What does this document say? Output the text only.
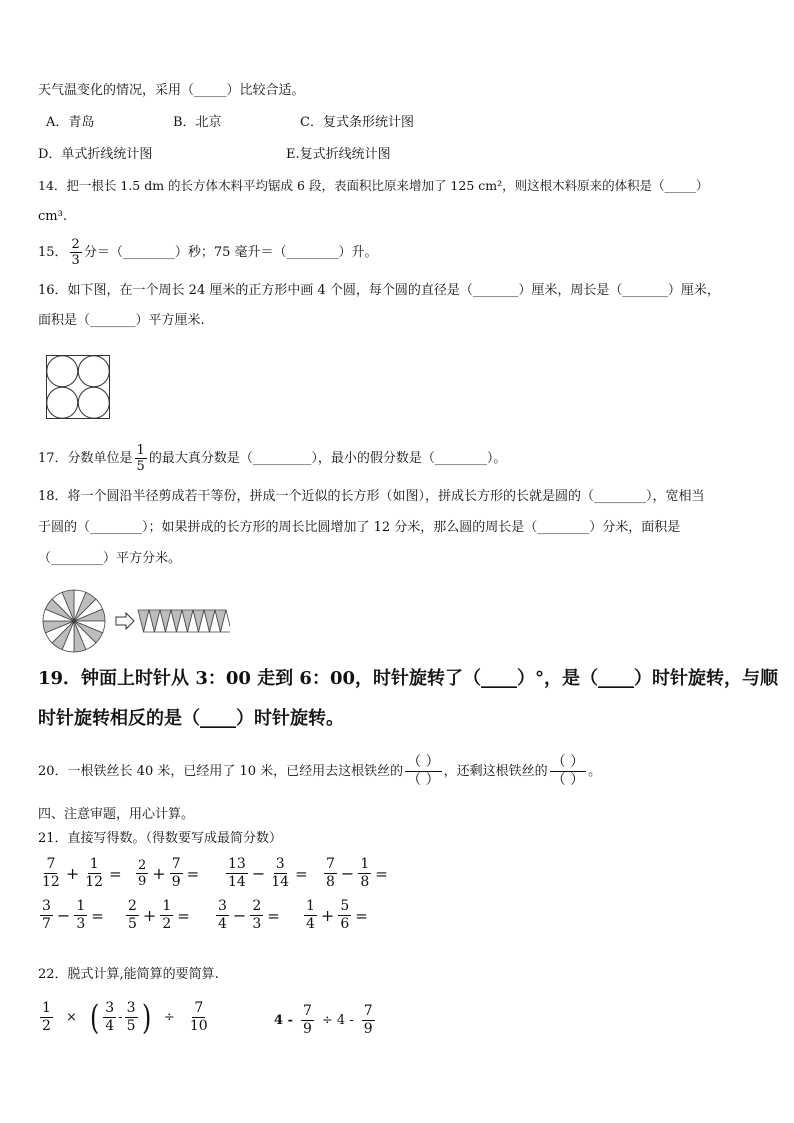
天气温变化的情况，采用（_____）比较合适。
A．青岛	B．北京	C．复式条形统计图
D．单式折线统计图	E.复式折线统计图
14．把一根长 1.5 dm 的长方体木料平均锯成 6 段，表面积比原来增加了 125 cm²，则这根木料原来的体积是（_____）
cm³.
15． $\frac{2}{3}$ 分＝（________）秒；75 毫升＝（________）升。
16．如下图，在一个周长 24 厘米的正方形中画 4 个圆，每个圆的直径是（_______）厘米，周长是（_______）厘米，
面积是（_______）平方厘米.
17．分数单位是 $\frac{1}{5}$ 的最大真分数是（_________），最小的假分数是（________）。
18．将一个圆沿半径剪成若干等份，拼成一个近似的长方形（如图），拼成长方形的长就是圆的（________），宽相当
于圆的（________）；如果拼成的长方形的周长比圆增加了 12 分米，那么圆的周长是（________）分米，面积是
（________）平方分米。
19．钟面上时针从 3：00 走到 6：00，时针旋转了（____）°，是（____）时针旋转，与顺
时针旋转相反的是（____）时针旋转。
20．一根铁丝长 40 米，已经用了 10 米，已经用去这根铁丝的 $\frac{( )}{( )}$ ，还剩这根铁丝的 $\frac{( )}{( )}$ 。
四、注意审题，用心计算。
21．直接写得数。（得数要写成最简分数）
$\frac{7}{12} + \frac{1}{12} = \frac{2}{9} + \frac{7}{9} = \frac{13}{14} - \frac{3}{14} = \frac{7}{8} - \frac{1}{8}$ =
$\frac{3}{7} - \frac{1}{3} = \frac{2}{5} + \frac{1}{2} = \frac{3}{4} - \frac{2}{3} = \frac{1}{4} + \frac{5}{6}$ =
22．脱式计算,能简算的要简算.
$\frac{1}{2}$ × ( $\frac{3}{4} - \frac{3}{5}$ ) ÷ $\frac{7}{10}$	$4 - \frac{7}{9} \div 4 - \frac{7}{9}$
